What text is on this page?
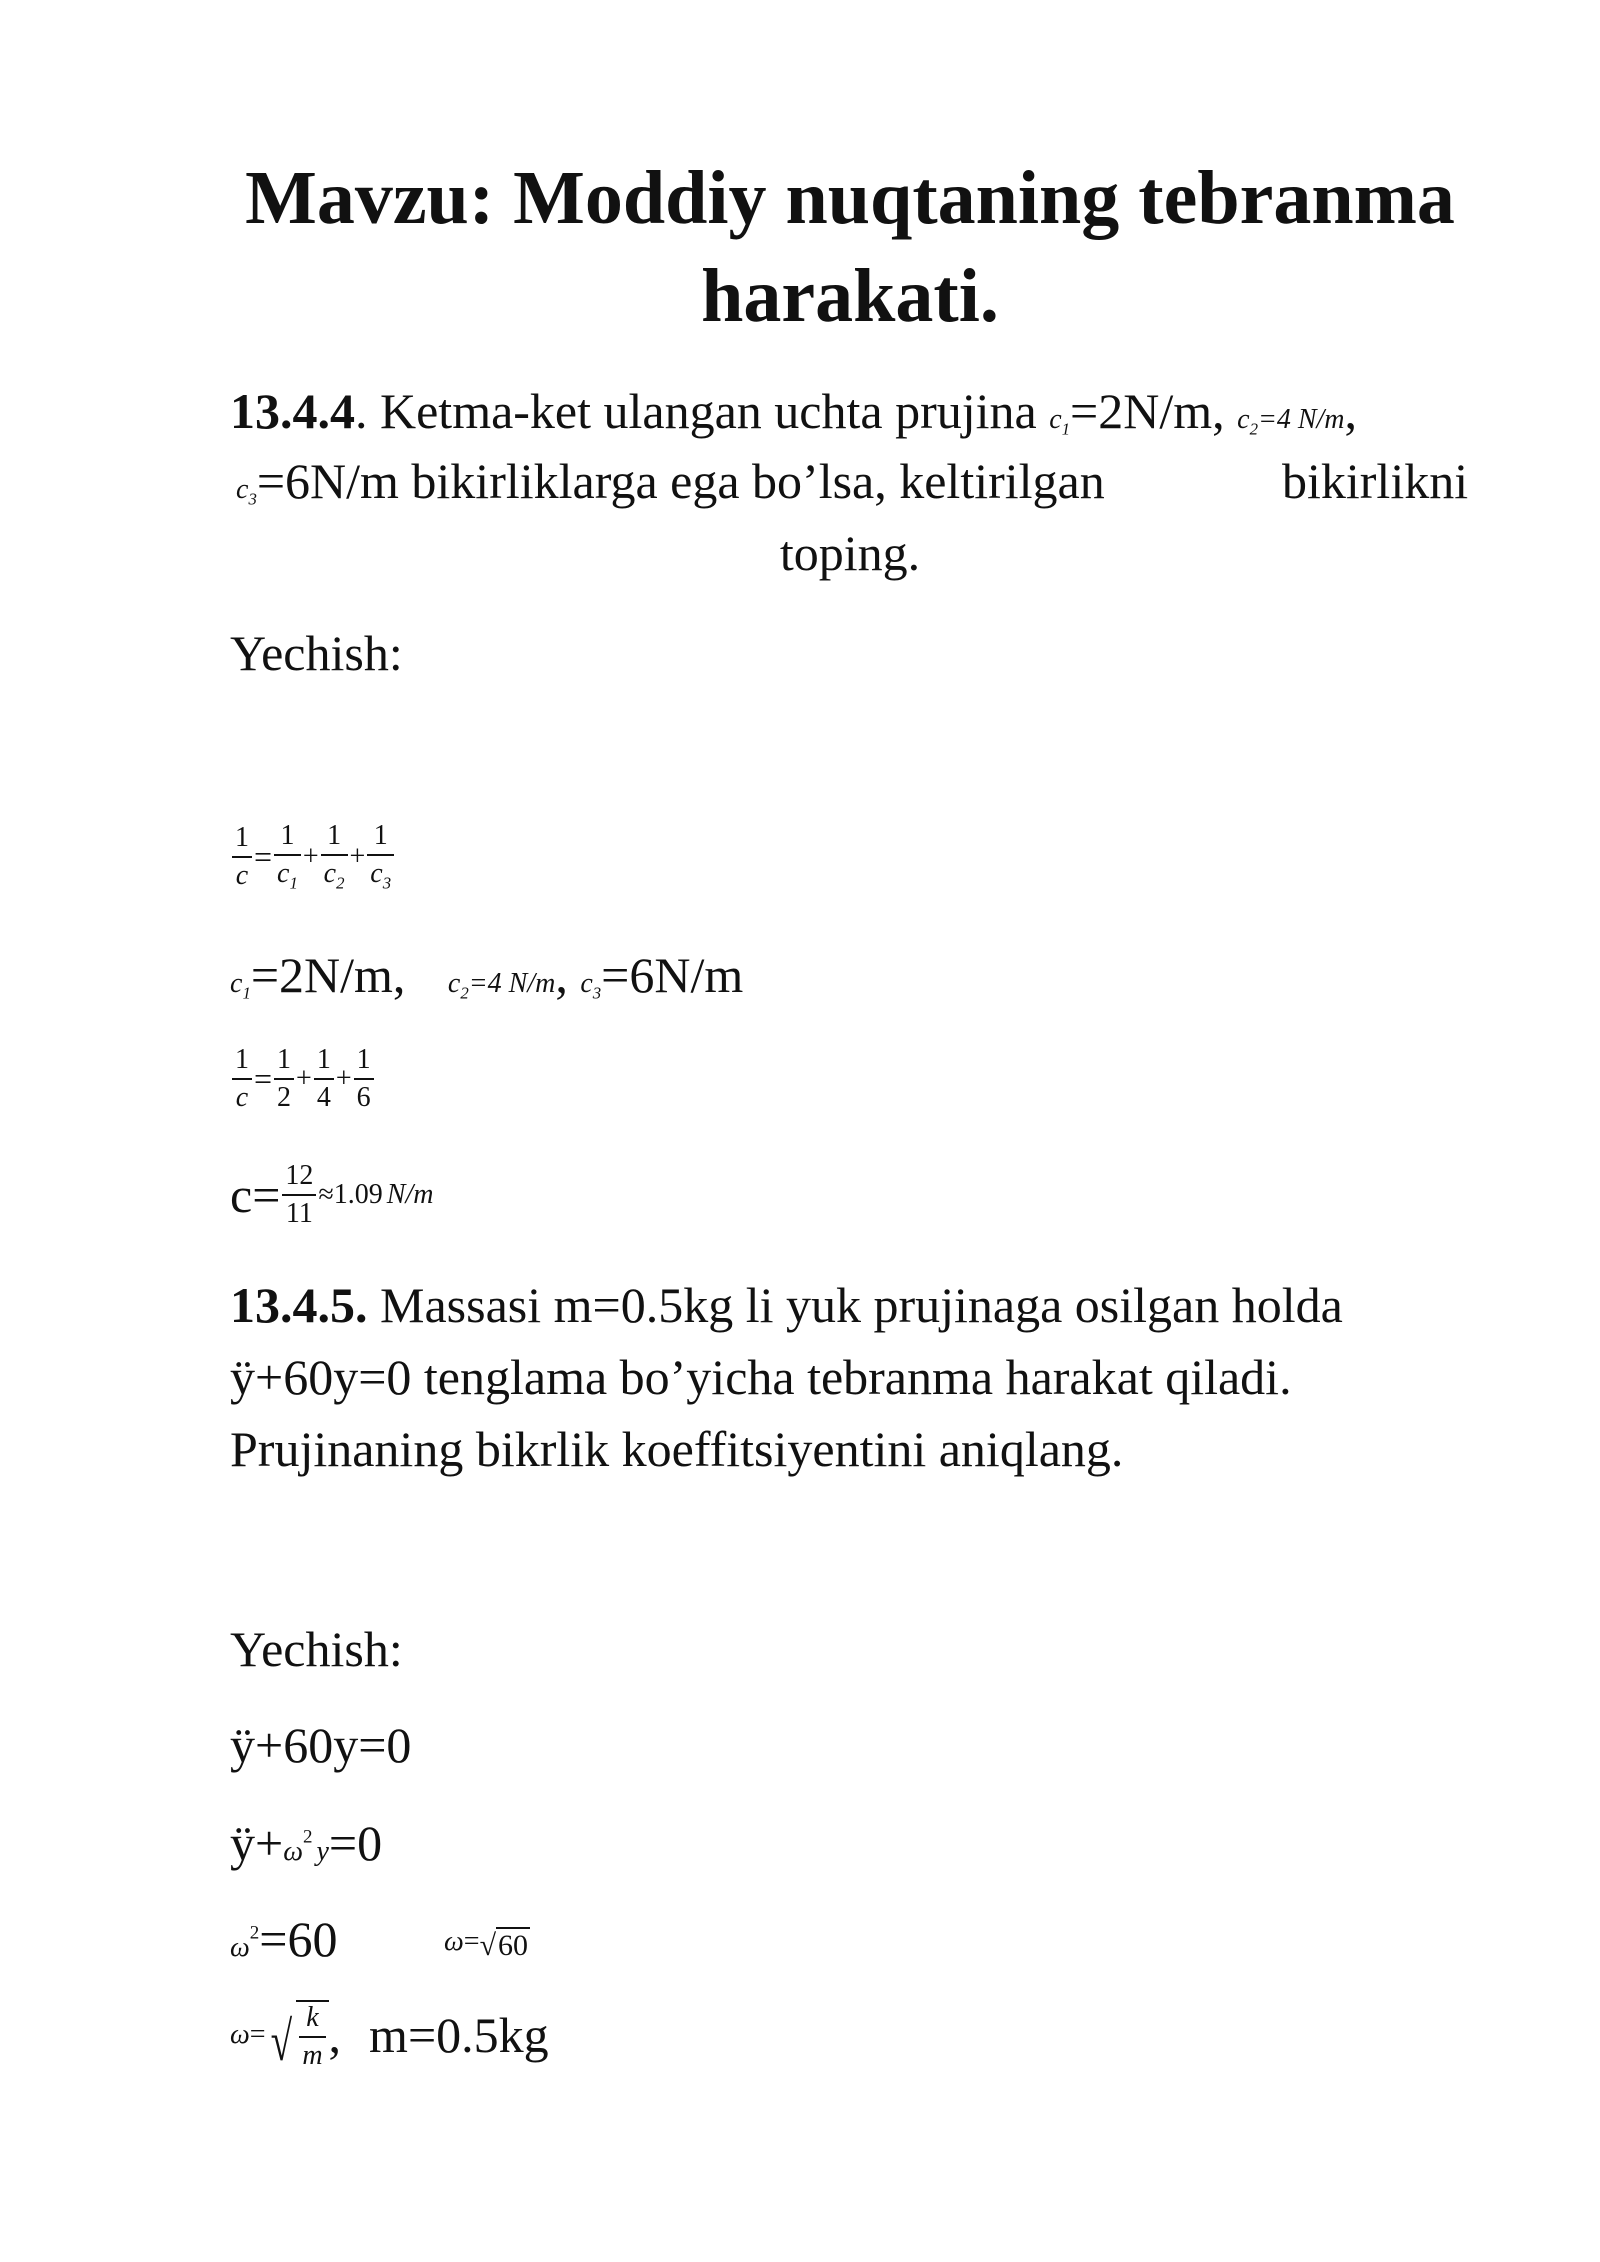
Mavzu: Moddiy nuqtaning tebranma
harakati.
13.4.4. Ketma-ket ulangan uchta prujina $c_1=2N/m$, $c_2=4$ N/m,
$c_3=6N/m$ bikirliklarga ega bo’lsa, keltirilgan	bikirlikni
toping.
Yechish:
$\frac{1}{c} = \frac{1}{c_1} + \frac{1}{c_2} + \frac{1}{c_3}$
$c_1=2N/m$, $c_2=4$ N/m, $c_3=6N/m$
$\frac{1}{c} = \frac{1}{2} + \frac{1}{4} + \frac{1}{6}$
$c= \frac{12}{11} \approx 1.09$ N/m
13.4.5. Massasi m=0.5kg li yuk prujinaga osilgan holda
ÿ+60y=0 tenglama bo’yicha tebranma harakat qiladi.
Prujinaning bikrlik koeffitsiyentini aniqlang.
Yechish:
ÿ+60y=0
$ÿ+\omega^2$ y=0
$\omega^2=60$	ω=√60
ω= √ $\frac{k}{m}$ , m=0.5kg
